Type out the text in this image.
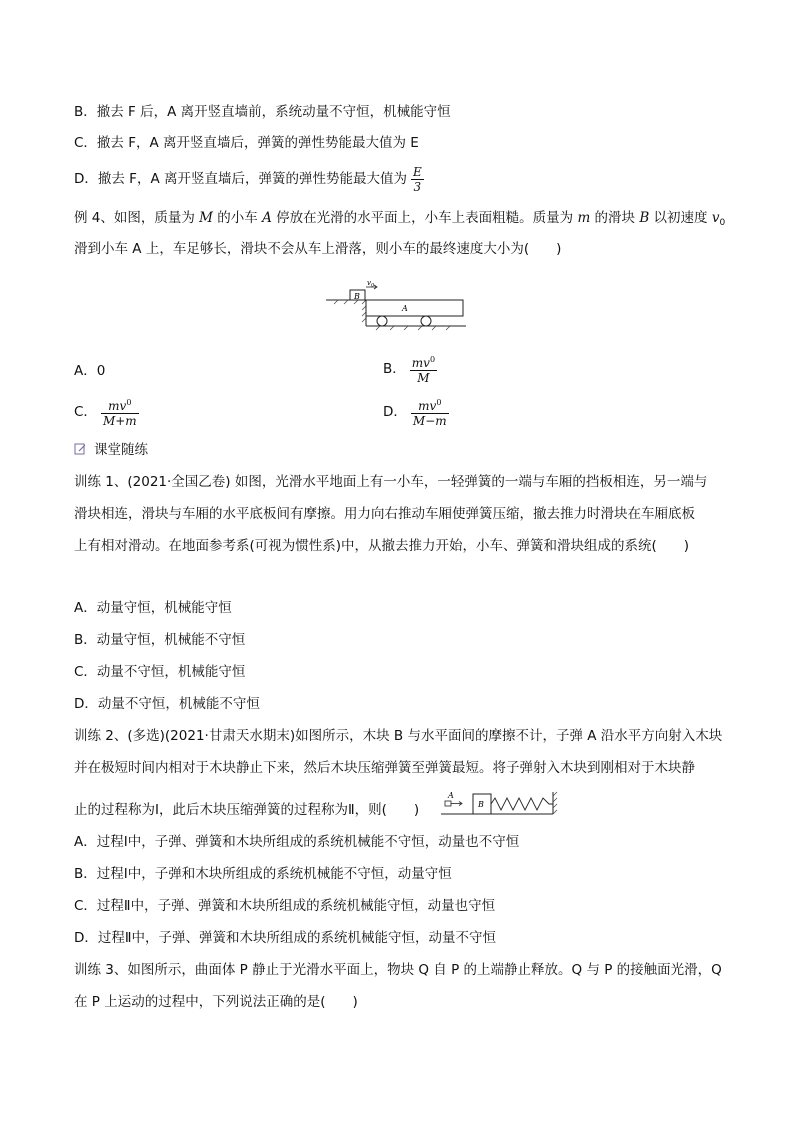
B．撤去 F 后，A 离开竖直墙前，系统动量不守恒，机械能守恒
C．撤去 F，A 离开竖直墙后，弹簧的弹性势能最大值为 E
D．撤去 F，A 离开竖直墙后，弹簧的弹性势能最大值为 $\frac{E}{3}$
例 4、如图，质量为 M 的小车 A 停放在光滑的水平面上，小车上表面粗糙。质量为 m 的滑块 B 以初速度 $v_0$
滑到小车 A 上，车足够长，滑块不会从车上滑落，则小车的最终速度大小为(　　)
B
$v_0$
A
A．0	B． $\frac{mv^0}{M}$
C． $\frac{mv^0}{M+m}$	D． $\frac{mv^0}{M-m}$
课堂随练
训练 1、(2021·全国乙卷) 如图，光滑水平地面上有一小车，一轻弹簧的一端与车厢的挡板相连，另一端与
滑块相连，滑块与车厢的水平底板间有摩擦。用力向右推动车厢使弹簧压缩，撤去推力时滑块在车厢底板
上有相对滑动。在地面参考系(可视为惯性系)中，从撤去推力开始，小车、弹簧和滑块组成的系统(　　)
A．动量守恒，机械能守恒
B．动量守恒，机械能不守恒
C．动量不守恒，机械能守恒
D．动量不守恒，机械能不守恒
训练 2、(多选)(2021·甘肃天水期末)如图所示，木块 B 与水平面间的摩擦不计，子弹 A 沿水平方向射入木块
并在极短时间内相对于木块静止下来，然后木块压缩弹簧至弹簧最短。将子弹射入木块到刚相对于木块静
止的过程称为Ⅰ，此后木块压缩弹簧的过程称为Ⅱ，则(　　)
A
B
A．过程Ⅰ中，子弹、弹簧和木块所组成的系统机械能不守恒，动量也不守恒
B．过程Ⅰ中，子弹和木块所组成的系统机械能不守恒，动量守恒
C．过程Ⅱ中，子弹、弹簧和木块所组成的系统机械能守恒，动量也守恒
D．过程Ⅱ中，子弹、弹簧和木块所组成的系统机械能守恒，动量不守恒
训练 3、如图所示，曲面体 P 静止于光滑水平面上，物块 Q 自 P 的上端静止释放。Q 与 P 的接触面光滑，Q
在 P 上运动的过程中，下列说法正确的是(　　)
